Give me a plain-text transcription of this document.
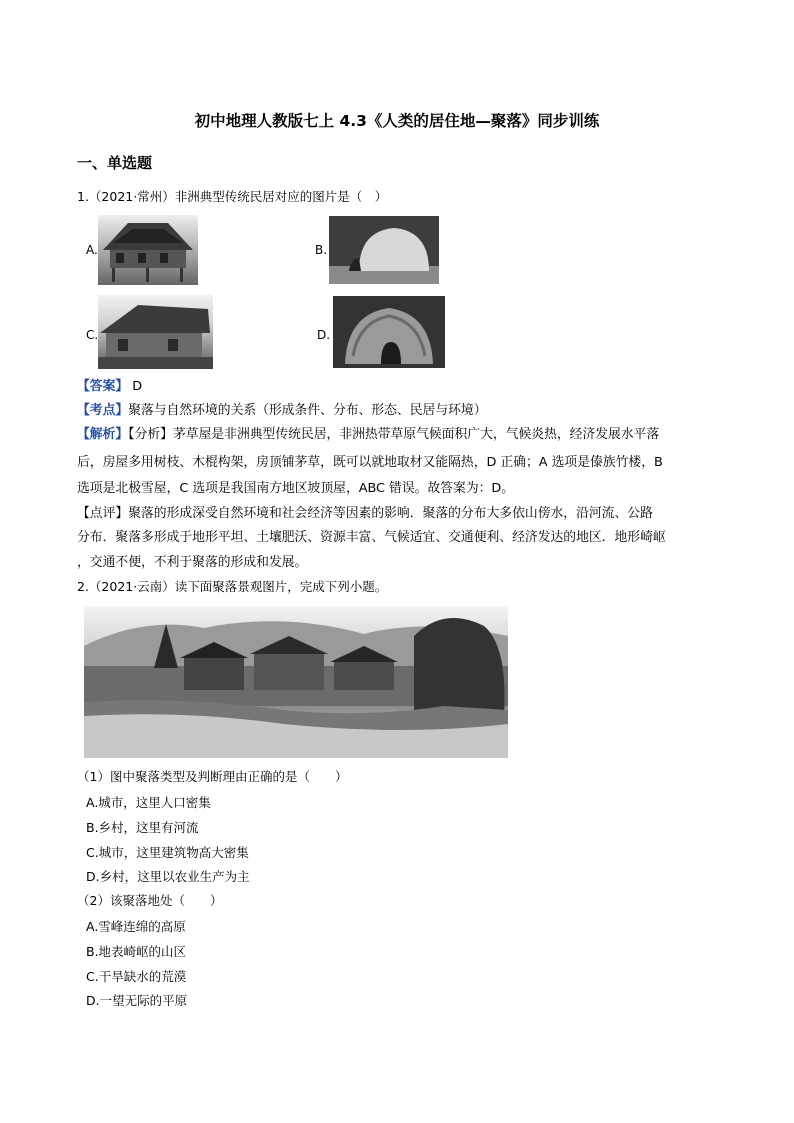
初中地理人教版七上 4.3《人类的居住地—聚落》同步训练
一、单选题
1.（2021·常州）非洲典型传统民居对应的图片是（　）
A.	B.
C.	D.
【答案】 D
【考点】聚落与自然环境的关系（形成条件、分布、形态、民居与环境）
【解析】【分析】茅草屋是非洲典型传统民居，非洲热带草原气候面积广大，气候炎热，经济发展水平落
后，房屋多用树枝、木棍构架，房顶铺茅草，既可以就地取材又能隔热，D 正确；A 选项是傣族竹楼，B
选项是北极雪屋，C 选项是我国南方地区坡顶屋，ABC 错误。故答案为：D。
【点评】聚落的形成深受自然环境和社会经济等因素的影响．聚落的分布大多依山傍水，沿河流、公路
分布．聚落多形成于地形平坦、土壤肥沃、资源丰富、气候适宜、交通便利、经济发达的地区．地形崎岖
，交通不便，不利于聚落的形成和发展。
2.（2021·云南）读下面聚落景观图片，完成下列小题。
（1）图中聚落类型及判断理由正确的是（　　）
A.城市，这里人口密集
B.乡村，这里有河流
C.城市，这里建筑物高大密集
D.乡村，这里以农业生产为主
（2）该聚落地处（　　）
A.雪峰连绵的高原
B.地表崎岖的山区
C.干旱缺水的荒漠
D.一望无际的平原
